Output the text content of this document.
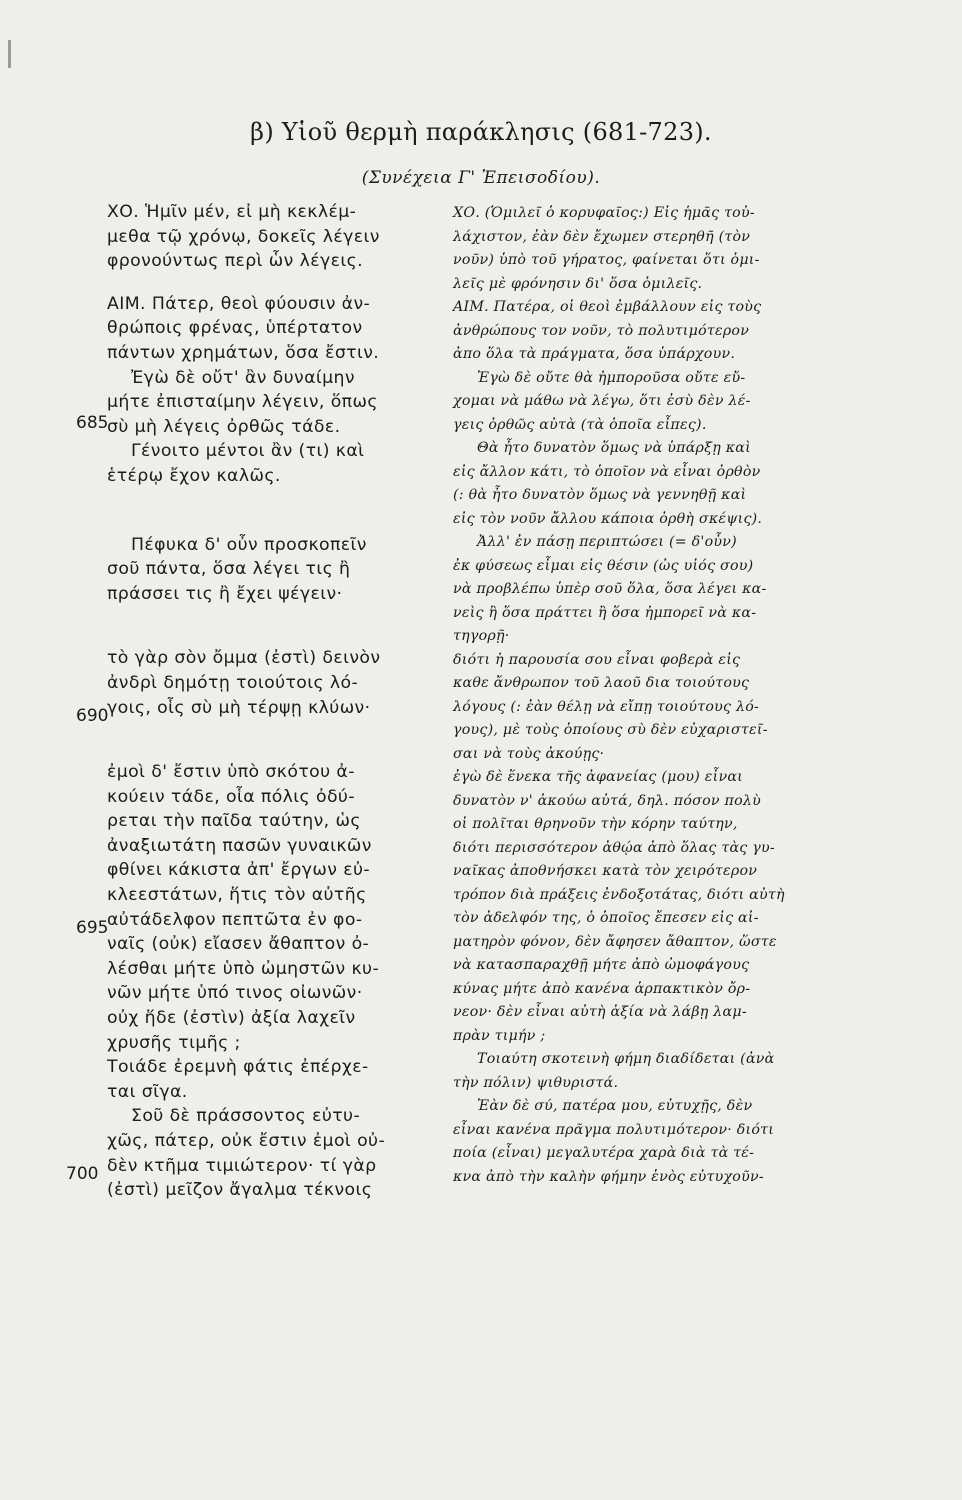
β) Υἱοῦ θερμὴ παράκλησις (681-723).
(Συνέχεια Γ' Ἐπεισοδίου).
685
690
695
700
ΧΟ. Ἡμῖν μέν, εἰ μὴ κεκλέμ-
μεθα τῷ χρόνῳ, δοκεῖς λέγειν
φρονούντως περὶ ὧν λέγεις.
ΑΙΜ. Πάτερ, θεοὶ φύουσιν ἀν-
θρώποις φρένας, ὑπέρτατον
πάντων χρημάτων, ὅσα ἔστιν.
Ἐγὼ δὲ οὔτ' ἂν δυναίμην
μήτε ἐπισταίμην λέγειν, ὅπως
σὺ μὴ λέγεις ὀρθῶς τάδε.
Γένοιτο μέντοι ἂν (τι) καὶ
ἑτέρῳ ἔχον καλῶς.
Πέφυκα δ' οὖν προσκοπεῖν
σοῦ πάντα, ὅσα λέγει τις ἢ
πράσσει τις ἢ ἔχει ψέγειν·
τὸ γὰρ σὸν ὄμμα (ἐστὶ) δεινὸν
ἀνδρὶ δημότῃ τοιούτοις λό-
γοις, οἷς σὺ μὴ τέρψῃ κλύων·
ἐμοὶ δ' ἔστιν ὑπὸ σκότου ἀ-
κούειν τάδε, οἷα πόλις ὀδύ-
ρεται τὴν παῖδα ταύτην, ὡς
ἀναξιωτάτη πασῶν γυναικῶν
φθίνει κάκιστα ἀπ' ἔργων εὐ-
κλεεστάτων, ἥτις τὸν αὐτῆς
αὐτάδελφον πεπτῶτα ἐν φο-
ναῖς (οὐκ) εἴασεν ἄθαπτον ὀ-
λέσθαι μήτε ὑπὸ ὠμηστῶν κυ-
νῶν μήτε ὑπό τινος οἰωνῶν·
οὐχ ἥδε (ἐστὶν) ἀξία λαχεῖν
χρυσῆς τιμῆς ;
Τοιάδε ἐρεμνὴ φάτις ἐπέρχε-
ται σῖγα.
Σοῦ δὲ πράσσοντος εὐτυ-
χῶς, πάτερ, οὐκ ἔστιν ἐμοὶ οὐ-
δὲν κτῆμα τιμιώτερον· τί γὰρ
(ἐστὶ) μεῖζον ἄγαλμα τέκνοις
ΧΟ. (Ὁμιλεῖ ὁ κορυφαῖος:) Εἰς ἡμᾶς τοὐ-
λάχιστον, ἐὰν δὲν ἔχωμεν στερηθῆ (τὸν
νοῦν) ὑπὸ τοῦ γήρατος, φαίνεται ὅτι ὁμι-
λεῖς μὲ φρόνησιν δι' ὅσα ὁμιλεῖς.
ΑΙΜ. Πατέρα, οἱ θεοὶ ἐμβάλλουν εἰς τοὺς
ἀνθρώπους τον νοῦν, τὸ πολυτιμότερον
ἀπο ὅλα τὰ πράγματα, ὅσα ὑπάρχουν.
Ἐγὼ δὲ οὔτε θὰ ἠμποροῦσα οὔτε εὔ-
χομαι νὰ μάθω νὰ λέγω, ὅτι ἐσὺ δὲν λέ-
γεις ὀρθῶς αὐτὰ (τὰ ὁποῖα εἶπες).
Θὰ ἦτο δυνατὸν ὅμως νὰ ὑπάρξῃ καὶ
εἰς ἄλλον κάτι, τὸ ὁποῖον νὰ εἶναι ὀρθὸν
(: θὰ ἦτο δυνατὸν ὅμως νὰ γεννηθῇ καὶ
εἰς τὸν νοῦν ἄλλου κάποια ὀρθὴ σκέψις).
Ἀλλ' ἐν πάσῃ περιπτώσει (= δ'οὖν)
ἐκ φύσεως εἶμαι εἰς θέσιν (ὡς υἱός σου)
νὰ προβλέπω ὑπὲρ σοῦ ὅλα, ὅσα λέγει κα-
νεὶς ἢ ὅσα πράττει ἢ ὅσα ἠμπορεῖ νὰ κα-
τηγορῇ·
διότι ἡ παρουσία σου εἶναι φοβερὰ εἰς
καθε ἄνθρωπον τοῦ λαοῦ δια τοιούτους
λόγους (: ἐὰν θέλῃ νὰ εἴπῃ τοιούτους λό-
γους), μὲ τοὺς ὁποίους σὺ δὲν εὐχαριστεῖ-
σαι νὰ τοὺς ἀκούῃς·
ἐγὼ δὲ ἕνεκα τῆς ἀφανείας (μου) εἶναι
δυνατὸν ν' ἀκούω αὐτά, δηλ. πόσον πολὺ
οἱ πολῖται θρηνοῦν τὴν κόρην ταύτην,
διότι περισσότερον ἀθῴα ἀπὸ ὅλας τὰς γυ-
ναῖκας ἀποθνήσκει κατὰ τὸν χειρότερον
τρόπον διὰ πράξεις ἐνδοξοτάτας, διότι αὐτὴ
τὸν ἀδελφόν της, ὁ ὁποῖος ἔπεσεν εἰς αἱ-
ματηρὸν φόνον, δὲν ἄφησεν ἄθαπτον, ὥστε
νὰ κατασπαραχθῇ μήτε ἀπὸ ὠμοφάγους
κύνας μήτε ἀπὸ κανένα ἁρπακτικὸν ὄρ-
νεον· δὲν εἶναι αὐτὴ ἀξία νὰ λάβῃ λαμ-
πρὰν τιμήν ;
Τοιαύτη σκοτεινὴ φήμη διαδίδεται (ἀνὰ
τὴν πόλιν) ψιθυριστά.
Ἐὰν δὲ σύ, πατέρα μου, εὐτυχῇς, δὲν
εἶναι κανένα πρᾶγμα πολυτιμότερον· διότι
ποία (εἶναι) μεγαλυτέρα χαρὰ διὰ τὰ τέ-
κνα ἀπὸ τὴν καλὴν φήμην ἑνὸς εὐτυχοῦν-
